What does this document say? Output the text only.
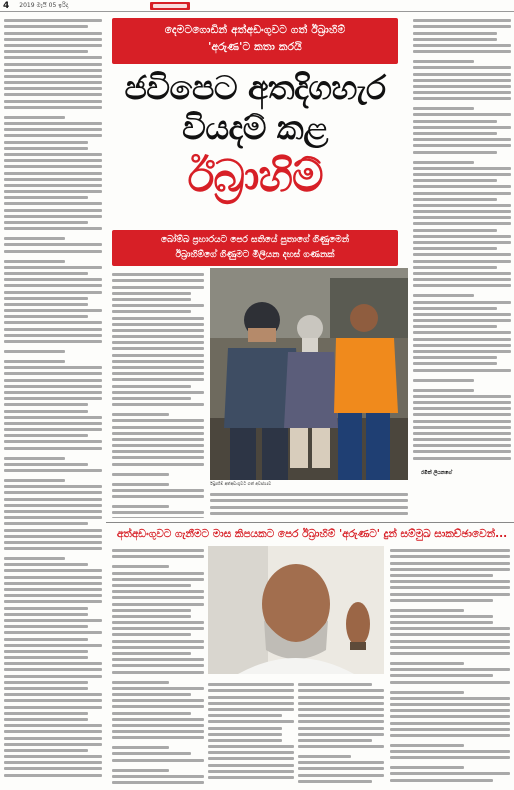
4 2019 මැයි 05 ඉරිදා
දෙමටගොඩින් අත්අඩංගුවට ගත් ඊබ්‍රාහිම්
'අරුණ'ට කතා කරයි
ජවිපෙට අතදිගහැර
වියදම් කළ
ඊබ්‍රාහිම්
බෝම්බ ප්‍රහාරයට පෙර සතියේ පුතාගේ ගිණුමෙන්
ඊබ්‍රාහිම්ගේ ගිණුමට මිලියන දහස් ගණනක්
ඊබ්‍රාහිම් අත්අඩංගුවට ගත් අවස්ථාව
රමිත් ලියනගේ
අත්අඩංගුවට ගැනීමට මාස කිපයකට පෙර ඊබ්‍රාහිම් 'අරුණට' දුන් සම්මුඛ සාකච්ඡාවෙන්...
